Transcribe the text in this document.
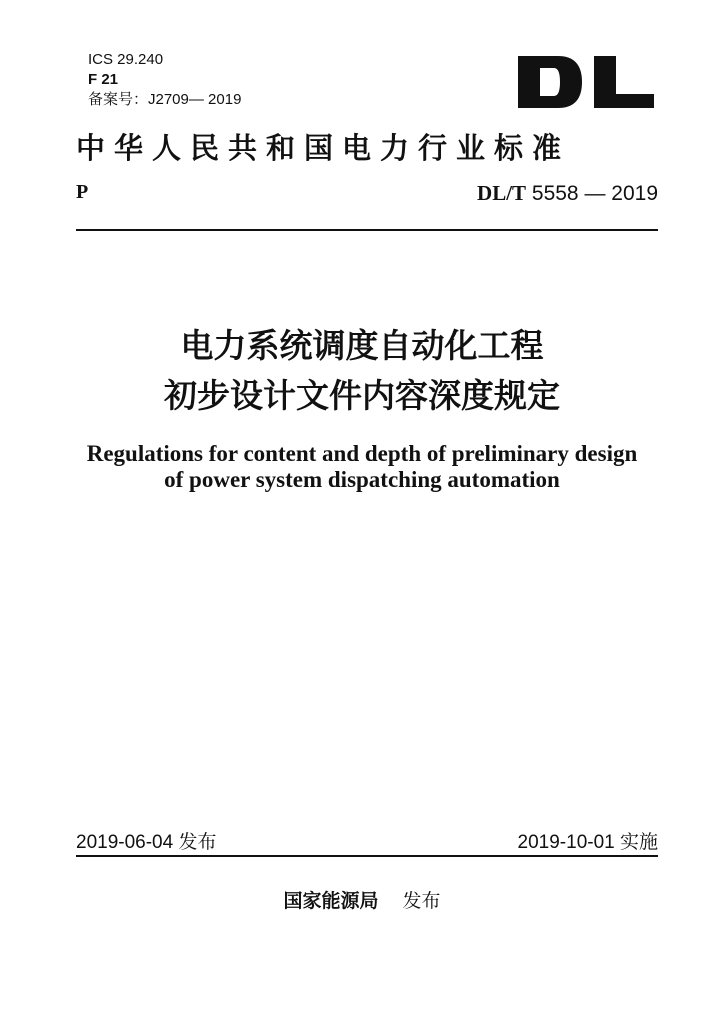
ICS 29.240
F 21
备案号：J2709— 2019
中华人民共和国电力行业标准
P	DL/T 5558 — 2019
电力系统调度自动化工程
初步设计文件内容深度规定
Regulations for content and depth of preliminary design
of power system dispatching automation
2019-06-04 发布	2019-10-01 实施
国家能源局 发布
